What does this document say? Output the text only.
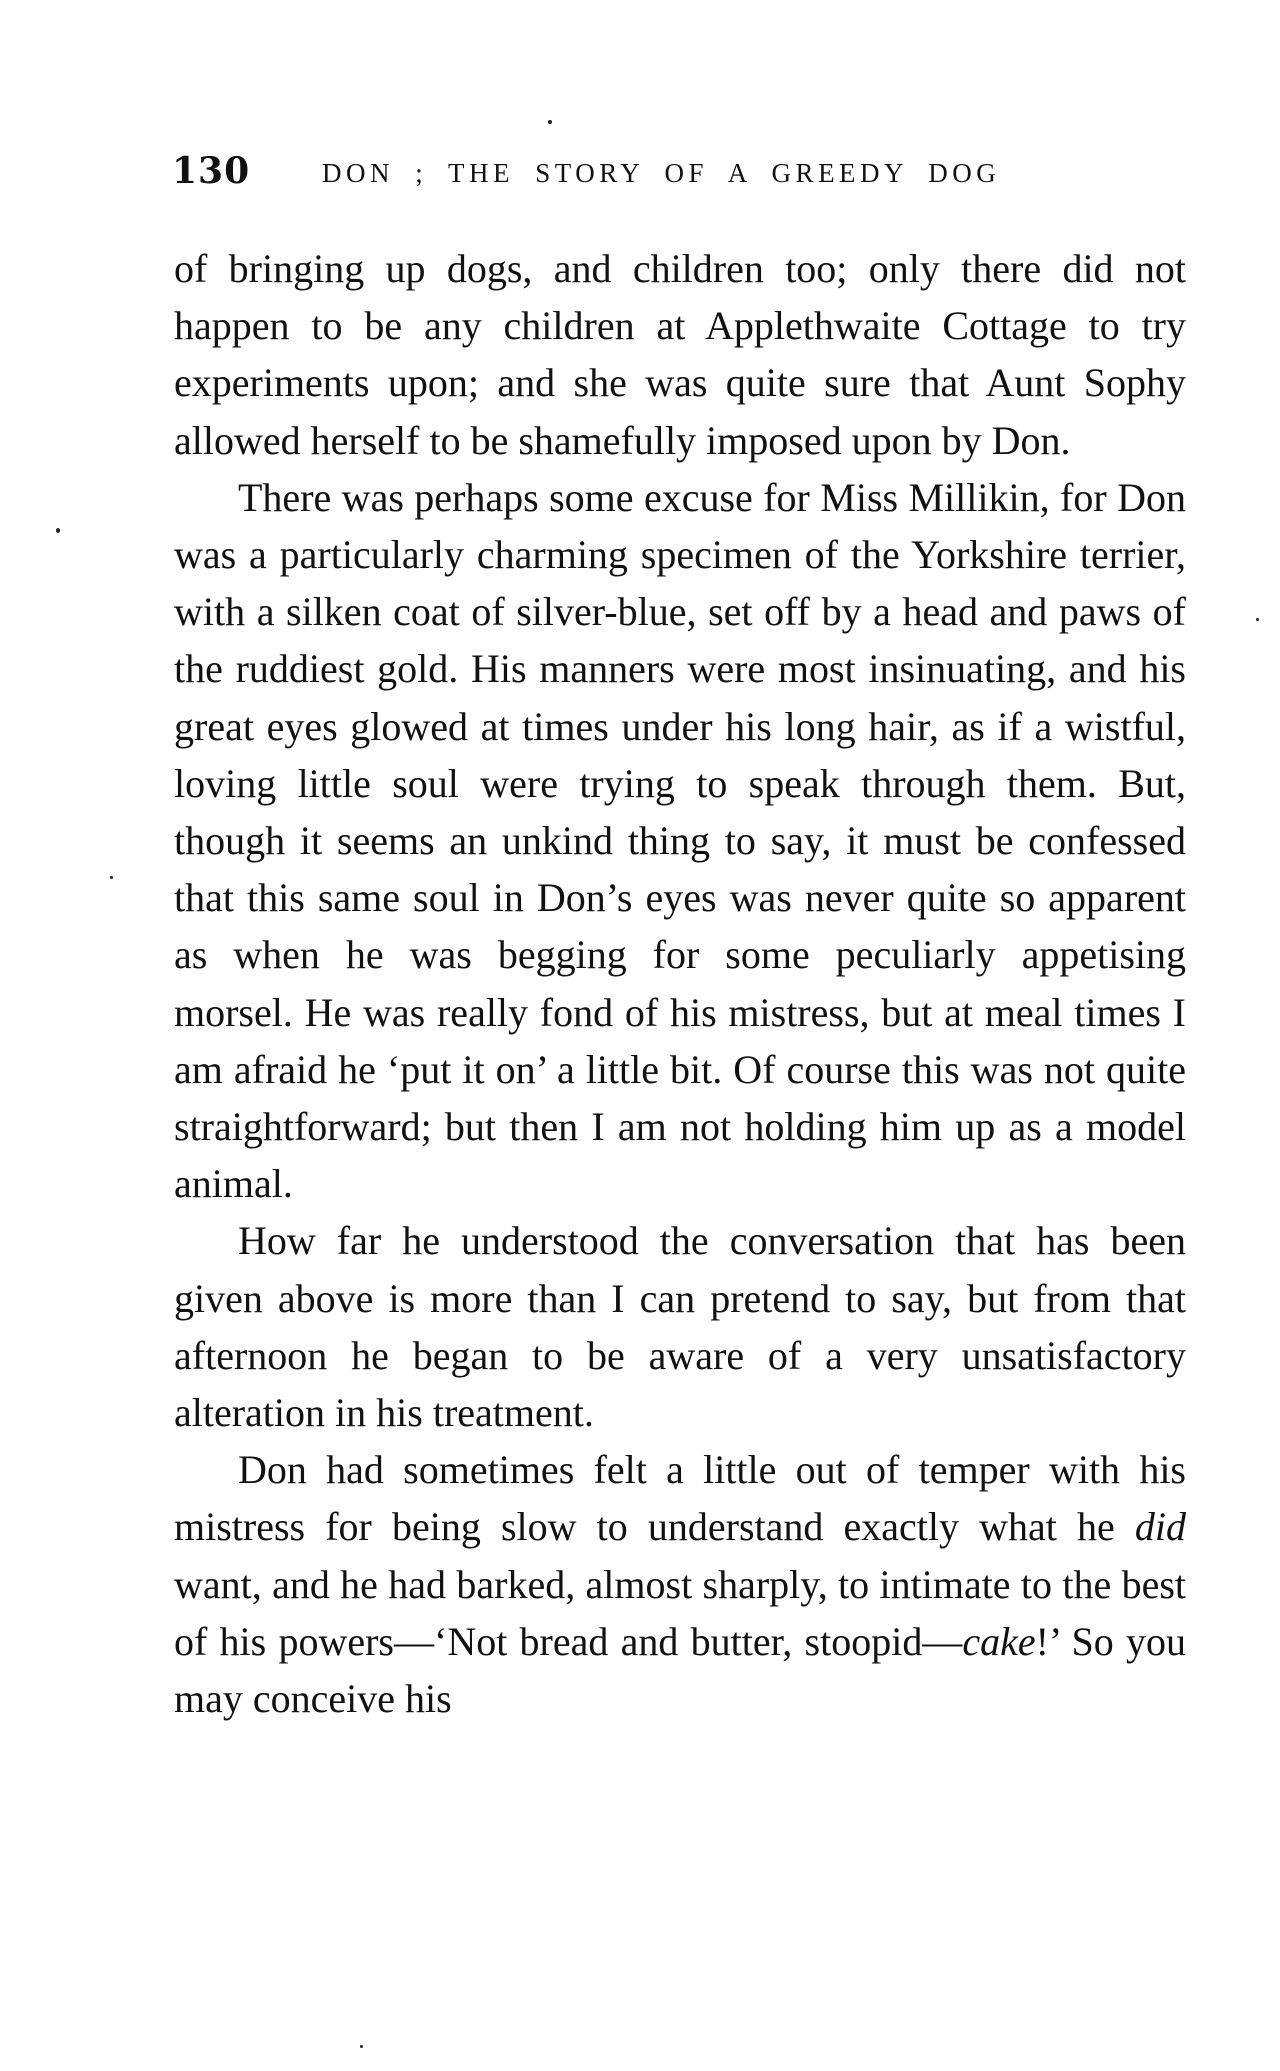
130	DON ; THE STORY OF A GREEDY DOG

of bringing up dogs, and children too; only there did not happen to be any children at Applethwaite Cottage to try experiments upon; and she was quite sure that Aunt Sophy allowed herself to be shamefully imposed upon by Don.

There was perhaps some excuse for Miss Millikin, for Don was a particularly charming specimen of the Yorkshire terrier, with a silken coat of silver-blue, set off by a head and paws of the ruddiest gold. His manners were most insinuating, and his great eyes glowed at times under his long hair, as if a wistful, loving little soul were trying to speak through them. But, though it seems an unkind thing to say, it must be confessed that this same soul in Don’s eyes was never quite so apparent as when he was begging for some peculiarly appetising morsel. He was really fond of his mistress, but at meal times I am afraid he ‘put it on’ a little bit. Of course this was not quite straightforward; but then I am not holding him up as a model animal.

How far he understood the conversation that has been given above is more than I can pretend to say, but from that afternoon he began to be aware of a very unsatisfactory alteration in his treatment.

Don had sometimes felt a little out of temper with his mistress for being slow to understand exactly what he did want, and he had barked, almost sharply, to intimate to the best of his powers—‘Not bread and butter, stoopid—cake!’ So you may conceive his
